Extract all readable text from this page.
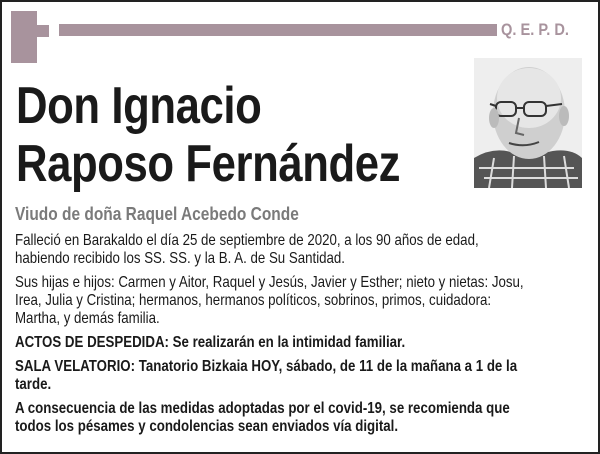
Q. E. P. D.
Don Ignacio
Raposo Fernández
Viudo de doña Raquel Acebedo Conde
Falleció en Barakaldo el día 25 de septiembre de 2020, a los 90 años de edad,
habiendo recibido los SS. SS. y la B. A. de Su Santidad.
Sus hijas e hijos: Carmen y Aitor, Raquel y Jesús, Javier y Esther; nieto y nietas: Josu,
Irea, Julia y Cristina; hermanos, hermanos políticos, sobrinos, primos, cuidadora:
Martha, y demás familia.
ACTOS DE DESPEDIDA: Se realizarán en la intimidad familiar.
SALA VELATORIO: Tanatorio Bizkaia HOY, sábado, de 11 de la mañana a 1 de la
tarde.
A consecuencia de las medidas adoptadas por el covid-19, se recomienda que
todos los pésames y condolencias sean enviados vía digital.
